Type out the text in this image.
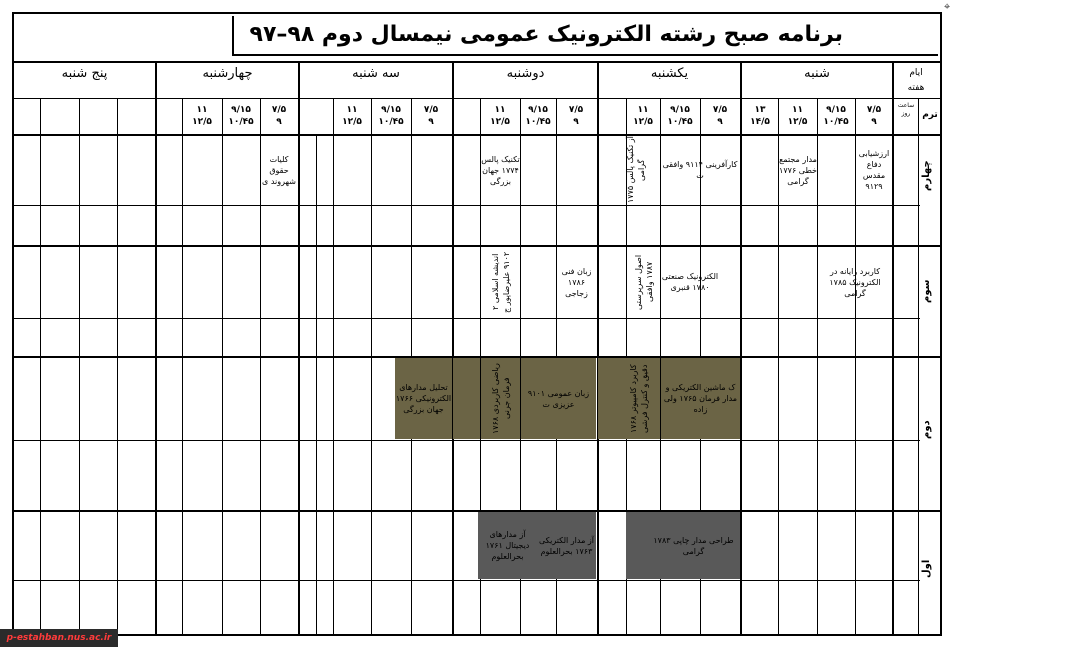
برنامه صبح رشته الکترونیک عمومی نیمسال دوم ۹۸–۹۷
ایام
هفته
شنبه
یکشنبه
دوشنبه
سه شنبه
چهارشنبه
پنج شنبه
ترم
ساعت روز
۷/۵
۹
۹/۱۵
۱۰/۴۵
۱۱
۱۲/۵
۱۳
۱۴/۵
۷/۵
۹
۹/۱۵
۱۰/۴۵
۱۱
۱۲/۵
۷/۵
۹
۹/۱۵
۱۰/۴۵
۱۱
۱۲/۵
۷/۵
۹
۹/۱۵
۱۰/۴۵
۱۱
۱۲/۵
۷/۵
۹
۹/۱۵
۱۰/۴۵
۱۱
۱۲/۵
چهارم
سوم
دوم
اول
ارزشیابی دفاع مقدس ۹۱۲۹
مدار مجتمع خطی ۱۷۷۶ گرامی
کارآفرینی ۹۱۱۴ وافقی ت
آز تکنیک پالس ۱۷۷۵ گرامی
تکنیک پالس ۱۷۷۴ جهان بزرگی
کلیات حقوق شهروند ی
کاربرد رایانه در الکترونیک ۱۷۸۵ گرامی
الکترونیک صنعتی ۱۷۸۰ قنبری
اصول سرپرستی ۱۷۸۷ وافقی
زبان فنی ۱۷۸۶ زجاجی
اندیشه اسلامی ۲ ۹۱۰۲ علیرضاپور ج
ک ماشین الکتریکی و مدار فرمان ۱۷۶۵ ولی زاده
کاربرد کامپیوتر ۱۷۶۸ دقیق و کنترل فرشی
زبان عمومی ۹۱۰۱ عزیزی ت
ریاضی کاربردی ۱۷۶۸ فرمان جرنی
تحلیل مدارهای الکترونیکی ۱۷۶۶ جهان بزرگی
طراحی مدار چاپی ۱۷۸۳ گرامی
آز مدار الکتریکی ۱۷۶۳ بحرالعلوم
آز مدارهای دیجیتال ۱۷۶۱ بحرالعلوم
p-estahban.nus.ac.ir
⌖
